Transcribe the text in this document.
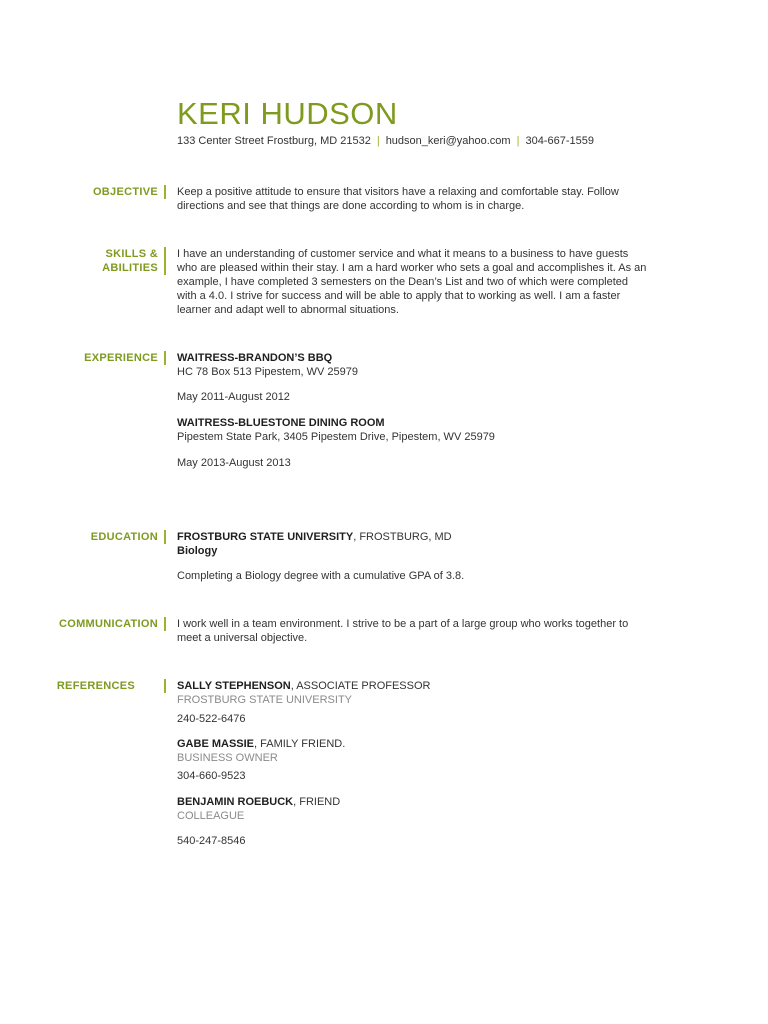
KERI HUDSON
133 Center Street Frostburg, MD 21532 | hudson_keri@yahoo.com | 304-667-1559
OBJECTIVE Keep a positive attitude to ensure that visitors have a relaxing and comfortable stay. Follow directions and see that things are done according to whom is in charge.
SKILLS &
ABILITIES
I have an understanding of customer service and what it means to a business to have guests who are pleased within their stay. I am a hard worker who sets a goal and accomplishes it. As an example, I have completed 3 semesters on the Dean’s List and two of which were completed with a 4.0. I strive for success and will be able to apply that to working as well. I am a faster learner and adapt well to abnormal situations.
EXPERIENCE WAITRESS-BRANDON’S BBQ
HC 78 Box 513 Pipestem, WV 25979
May 2011-August 2012
WAITRESS-BLUESTONE DINING ROOM
Pipestem State Park, 3405 Pipestem Drive, Pipestem, WV 25979
May 2013-August 2013
EDUCATION FROSTBURG STATE UNIVERSITY, FROSTBURG, MD
Biology
Completing a Biology degree with a cumulative GPA of 3.8.
COMMUNICATION I work well in a team environment. I strive to be a part of a large group who works together to meet a universal objective.
REFERENCES	SALLY STEPHENSON, ASSOCIATE PROFESSOR
FROSTBURG STATE UNIVERSITY
240-522-6476
GABE MASSIE, FAMILY FRIEND.
BUSINESS OWNER
304-660-9523
BENJAMIN ROEBUCK, FRIEND
COLLEAGUE
540-247-8546
